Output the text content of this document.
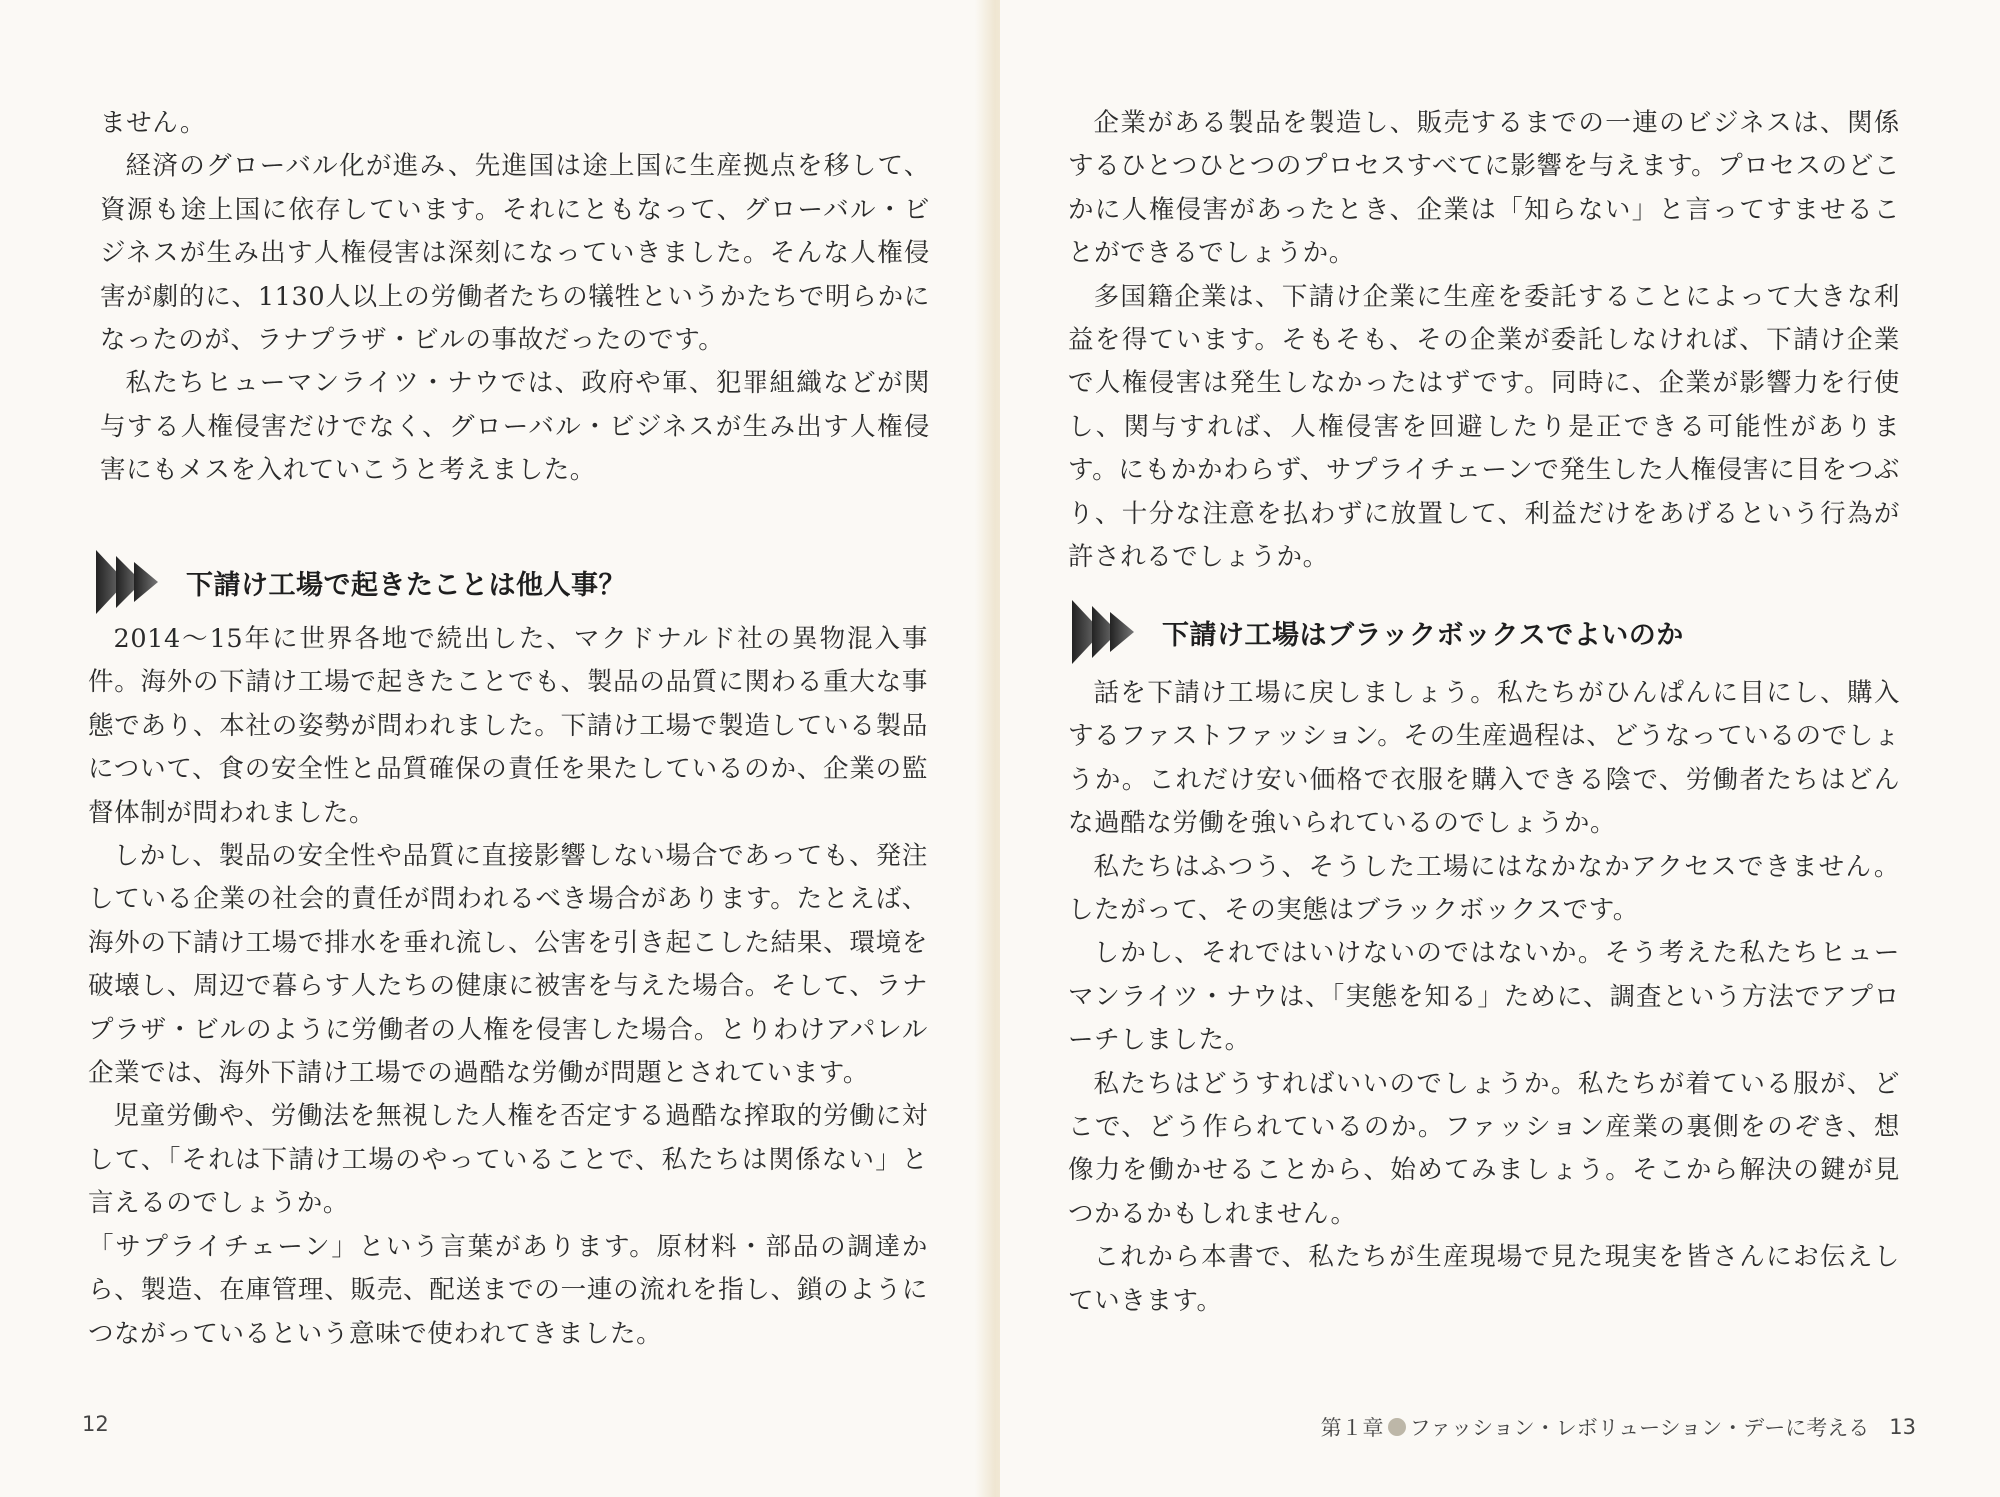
ません。

経済のグローバル化が進み、先進国は途上国に生産拠点を移して、資源も途上国に依存しています。それにともなって、グローバル・ビジネスが生み出す人権侵害は深刻になっていきました。そんな人権侵害が劇的に、1130人以上の労働者たちの犠牲というかたちで明らかになったのが、ラナプラザ・ビルの事故だったのです。

私たちヒューマンライツ・ナウでは、政府や軍、犯罪組織などが関与する人権侵害だけでなく、グローバル・ビジネスが生み出す人権侵害にもメスを入れていこうと考えました。

下請け工場で起きたことは他人事？

2014～15年に世界各地で続出した、マクドナルド社の異物混入事件。海外の下請け工場で起きたことでも、製品の品質に関わる重大な事態であり、本社の姿勢が問われました。下請け工場で製造している製品について、食の安全性と品質確保の責任を果たしているのか、企業の監督体制が問われました。

しかし、製品の安全性や品質に直接影響しない場合であっても、発注している企業の社会的責任が問われるべき場合があります。たとえば、海外の下請け工場で排水を垂れ流し、公害を引き起こした結果、環境を破壊し、周辺で暮らす人たちの健康に被害を与えた場合。そして、ラナプラザ・ビルのように労働者の人権を侵害した場合。とりわけアパレル企業では、海外下請け工場での過酷な労働が問題とされています。

児童労働や、労働法を無視した人権を否定する過酷な搾取的労働に対して、「それは下請け工場のやっていることで、私たちは関係ない」と言えるのでしょうか。

「サプライチェーン」という言葉があります。原材料・部品の調達から、製造、在庫管理、販売、配送までの一連の流れを指し、鎖のようにつながっているという意味で使われてきました。

12

企業がある製品を製造し、販売するまでの一連のビジネスは、関係するひとつひとつのプロセスすべてに影響を与えます。プロセスのどこかに人権侵害があったとき、企業は「知らない」と言ってすませることができるでしょうか。

多国籍企業は、下請け企業に生産を委託することによって大きな利益を得ています。そもそも、その企業が委託しなければ、下請け企業で人権侵害は発生しなかったはずです。同時に、企業が影響力を行使し、関与すれば、人権侵害を回避したり是正できる可能性があります。にもかかわらず、サプライチェーンで発生した人権侵害に目をつぶり、十分な注意を払わずに放置して、利益だけをあげるという行為が許されるでしょうか。

下請け工場はブラックボックスでよいのか

話を下請け工場に戻しましょう。私たちがひんぱんに目にし、購入するファストファッション。その生産過程は、どうなっているのでしょうか。これだけ安い価格で衣服を購入できる陰で、労働者たちはどんな過酷な労働を強いられているのでしょうか。

私たちはふつう、そうした工場にはなかなかアクセスできません。したがって、その実態はブラックボックスです。

しかし、それではいけないのではないか。そう考えた私たちヒューマンライツ・ナウは、「実態を知る」ために、調査という方法でアプローチしました。

私たちはどうすればいいのでしょうか。私たちが着ている服が、どこで、どう作られているのか。ファッション産業の裏側をのぞき、想像力を働かせることから、始めてみましょう。そこから解決の鍵が見つかるかもしれません。

これから本書で、私たちが生産現場で見た現実を皆さんにお伝えしていきます。

第１章 ファッション・レボリューション・デーに考える 13
